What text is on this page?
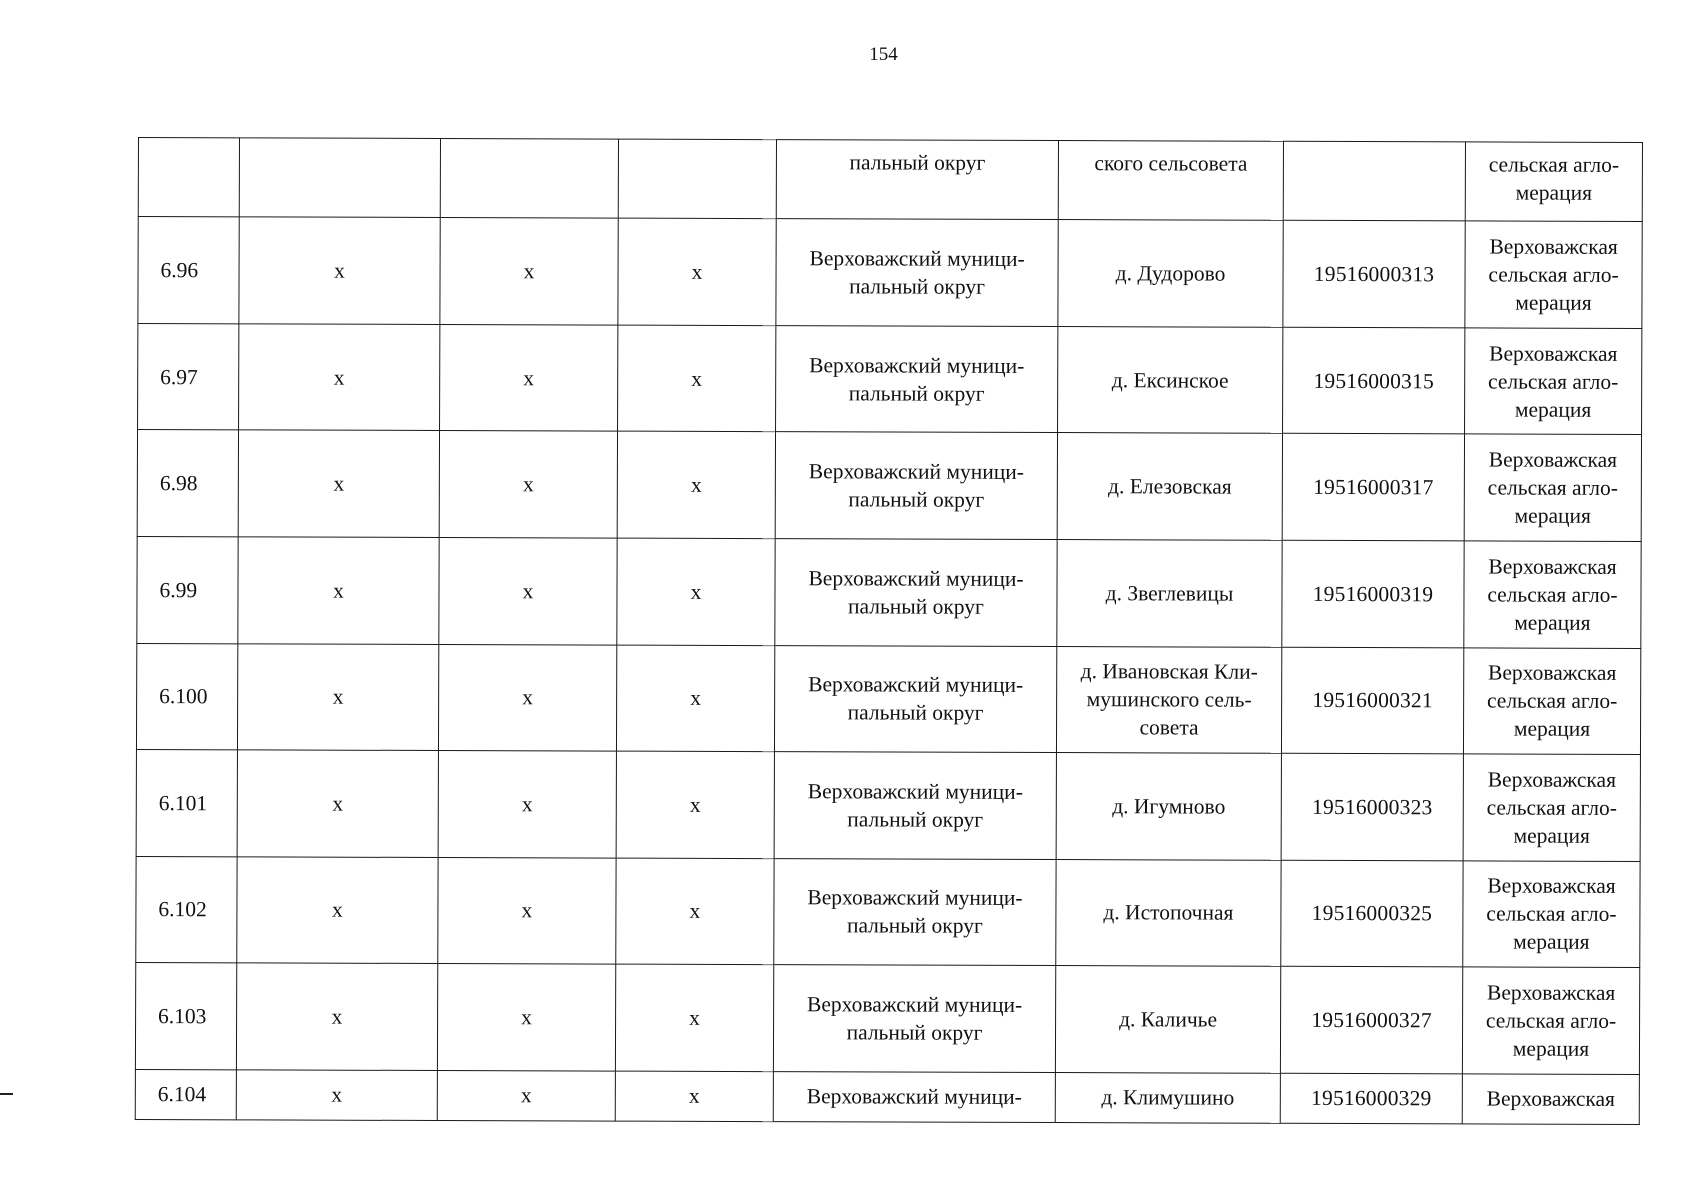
154
				пальный округ	ского сельсовета		сельская агло-
мерация
6.96	x	x	x	Верховажский муници-
пальный округ	д. Дудорово	19516000313	Верховажская
сельская агло-
мерация
6.97	x	x	x	Верховажский муници-
пальный округ	д. Ексинское	19516000315	Верховажская
сельская агло-
мерация
6.98	x	x	x	Верховажский муници-
пальный округ	д. Елезовская	19516000317	Верховажская
сельская агло-
мерация
6.99	x	x	x	Верховажский муници-
пальный округ	д. Звеглевицы	19516000319	Верховажская
сельская агло-
мерация
6.100	x	x	x	Верховажский муници-
пальный округ	д. Ивановская Кли-
мушинского сель-
совета	19516000321	Верховажская
сельская агло-
мерация
6.101	x	x	x	Верховажский муници-
пальный округ	д. Игумново	19516000323	Верховажская
сельская агло-
мерация
6.102	x	x	x	Верховажский муници-
пальный округ	д. Истопочная	19516000325	Верховажская
сельская агло-
мерация
6.103	x	x	x	Верховажский муници-
пальный округ	д. Каличье	19516000327	Верховажская
сельская агло-
мерация
6.104	x	x	x	Верховажский муници-	д. Климушино	19516000329	Верховажская
